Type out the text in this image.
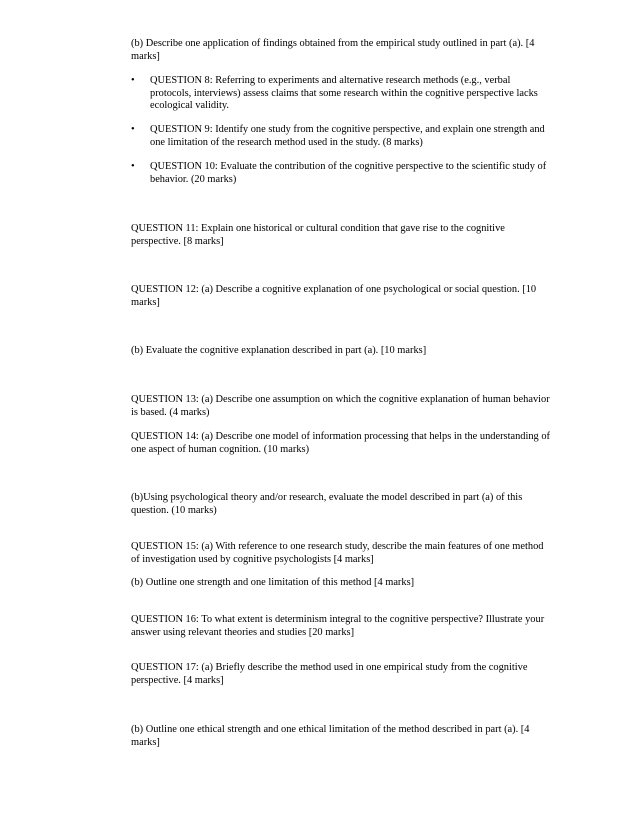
(b) Describe one application of findings obtained from the empirical study outlined in part (a). [4 marks]

•	QUESTION 8: Referring to experiments and alternative research methods (e.g., verbal protocols, interviews) assess claims that some research within the cognitive perspective lacks ecological validity.

•	QUESTION 9: Identify one study from the cognitive perspective, and explain one strength and one limitation of the research method used in the study. (8 marks)

•	QUESTION 10: Evaluate the contribution of the cognitive perspective to the scientific study of behavior. (20 marks)

QUESTION 11: Explain one historical or cultural condition that gave rise to the cognitive perspective. [8 marks]

QUESTION 12: (a) Describe a cognitive explanation of one psychological or social question. [10 marks]

(b) Evaluate the cognitive explanation described in part (a). [10 marks]

QUESTION 13: (a) Describe one assumption on which the cognitive explanation of human behavior is based. (4 marks)

QUESTION 14: (a) Describe one model of information processing that helps in the understanding of one aspect of human cognition. (10 marks)

(b)Using psychological theory and/or research, evaluate the model described in part (a) of this question. (10 marks)

QUESTION 15: (a) With reference to one research study, describe the main features of one method of investigation used by cognitive psychologists [4 marks]

(b) Outline one strength and one limitation of this method [4 marks]

QUESTION 16: To what extent is determinism integral to the cognitive perspective? Illustrate your answer using relevant theories and studies [20 marks]

QUESTION 17: (a) Briefly describe the method used in one empirical study from the cognitive perspective. [4 marks]

(b) Outline one ethical strength and one ethical limitation of the method described in part (a). [4 marks]
